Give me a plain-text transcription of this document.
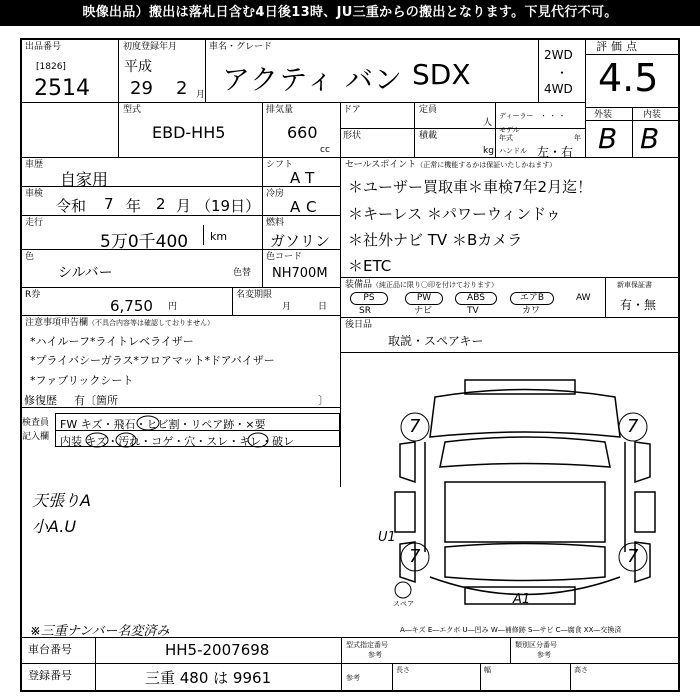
映像出品）搬出は落札日含む4日後13時、JU三重からの搬出となります。下見代行不可。
出品番号
[1826]
2514
初度登録年月
平成
29 2 月
車名・グレード
アクティ バン SDX
2WD
・
4WD
評価点
4.5
外装	内装
B B
型式
EBD-HH5
排気量
660
cc
ドア	定員
人
形状	積載
kg
ディーラー ・ ・ ・
モデル
年式	年
ハンドル 左・右
車歴
自家用
シフト
AT
車検
令和 7 年 2 月 （19日）
冷房
AC
走行
5万0千400 km
燃料
ガソリン
色
シルバー	色替
色コード
NH700M
R券
6,750 円
名変期限
月	日
セールスポイント（正常に機能するかは保証いたしかねます）
＊ユーザー買取車＊車検7年2月迄！
＊キーレス ＊パワーウィンドゥ
＊社外ナビ TV ＊Bカメラ
＊ETC
装備品（純正品に限り〇印を付けております）
PS	PW	ABS	エアB	AW
SR	ナビ	TV	カワ
新車保証書
有・無
後日品
取説・スペアキー
注意事項申告欄（不具合内容等は確認しておりません）
*ハイルーフ*ライトレベライザー
*プライバシーガラス*フロアマット*ドアバイザー
*ファブリックシート
修復歴 有〔箇所	〕
検査員
記入欄
FW キズ・飛石・ヒビ割・リペア跡・×要
内装 キズ・汚れ・コゲ・穴・スレ・キレ・破レ
天張りA
小A.U
※三重ナンバー名変済み
7	7
7	7
U1
A1
スペア
A―キズ E―エクボ U―凹み W―補修跡 S―サビ C―腐食 XX―交換済
車台番号	HH5-2007698
登録番号	三重 480 は 9961
型式指定番号
参考
類別区分番号
参考
長さ	幅	高さ
参考
